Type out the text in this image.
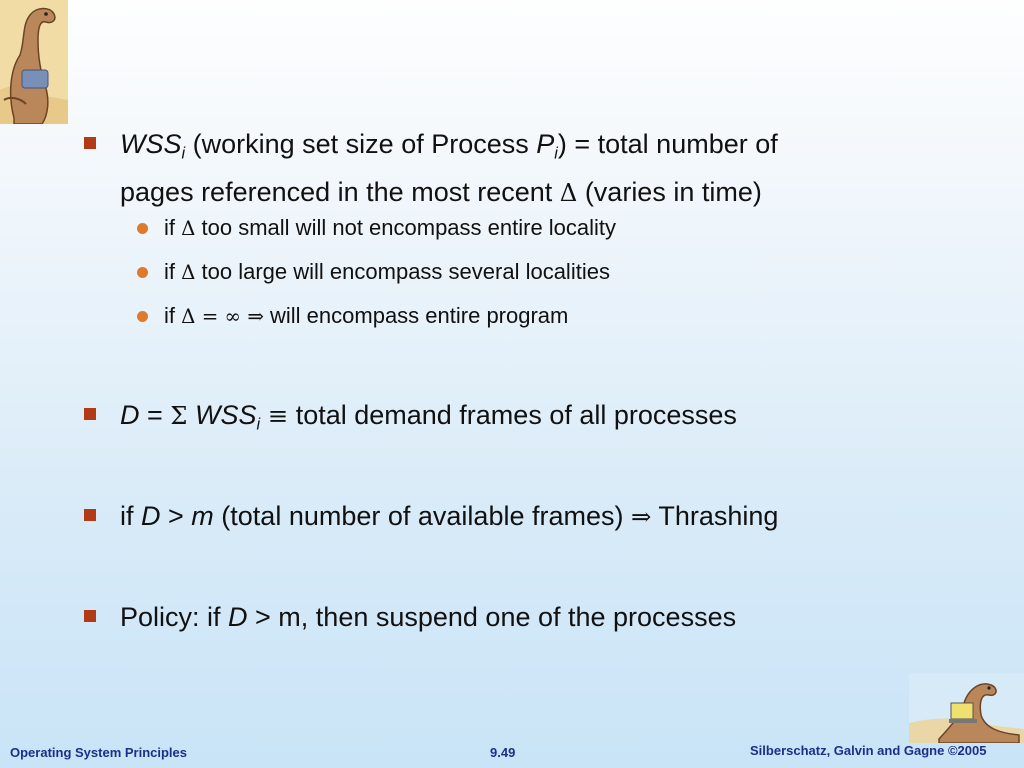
$WSS_i$ (working set size of Process $P_i$) = total number of
pages referenced in the most recent Δ (varies in time)
if Δ too small will not encompass entire locality
if Δ too large will encompass several localities
if Δ = ∞ ⇒ will encompass entire program
D = Σ $WSS_i$ ≡ total demand frames of all processes
if D > m (total number of available frames) ⇒ Thrashing
Policy: if D > m, then suspend one of the processes
Operating System Principles	9.49	Silberschatz, Galvin and Gagne ©2005
